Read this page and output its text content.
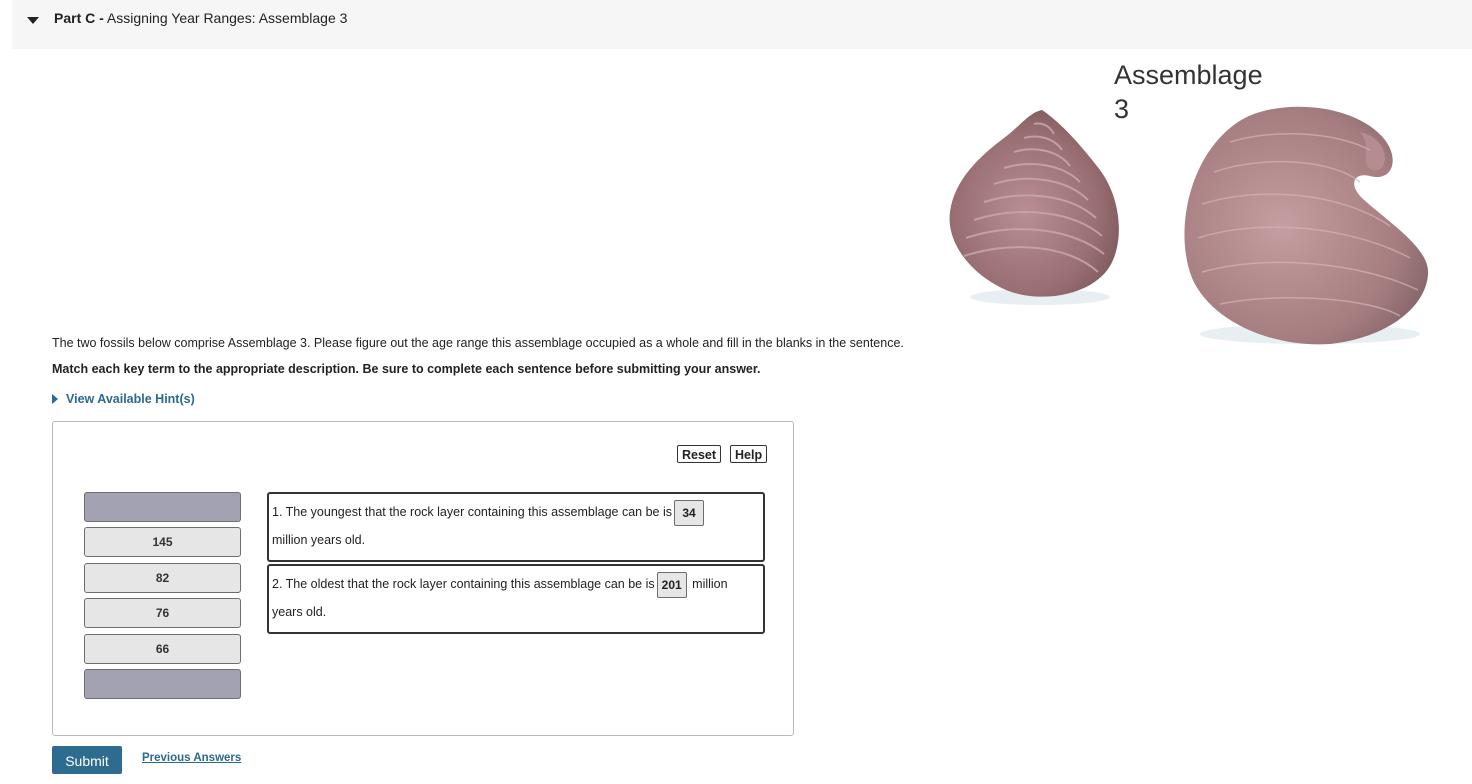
Part C - Assigning Year Ranges: Assemblage 3
Assemblage 3
The two fossils below comprise Assemblage 3. Please figure out the age range this assemblage occupied as a whole and fill in the blanks in the sentence.
Match each key term to the appropriate description. Be sure to complete each sentence before submitting your answer.
View Available Hint(s)
Reset	Help
145
82
76
66
1. The youngest that the rock layer containing this assemblage can be is 34
million years old.
2. The oldest that the rock layer containing this assemblage can be is 201 million years old.
Submit	Previous Answers
